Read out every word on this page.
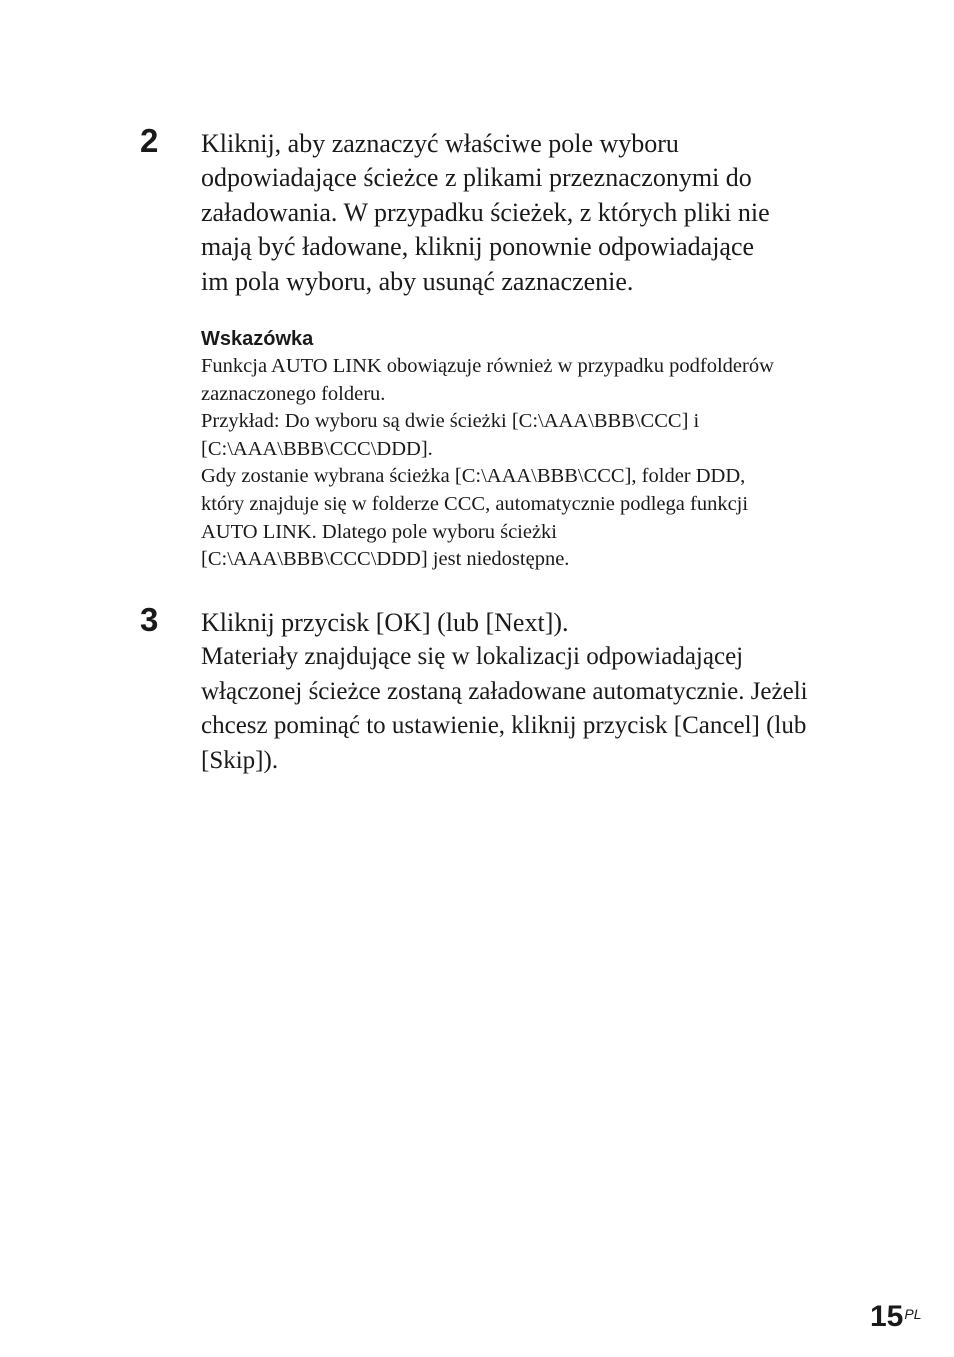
2 Kliknij, aby zaznaczyć właściwe pole wyboru

odpowiadające ścieżce z plikami przeznaczonymi do

załadowania. W przypadku ścieżek, z których pliki nie

mają być ładowane, kliknij ponownie odpowiadające

im pola wyboru, aby usunąć zaznaczenie.

Wskazówka

Funkcja AUTO LINK obowiązuje również w przypadku podfolderów

zaznaczonego folderu.

Przykład: Do wyboru są dwie ścieżki [C:\AAA\BBB\CCC] i

[C:\AAA\BBB\CCC\DDD].

Gdy zostanie wybrana ścieżka [C:\AAA\BBB\CCC], folder DDD,

który znajduje się w folderze CCC, automatycznie podlega funkcji

AUTO LINK. Dlatego pole wyboru ścieżki

[C:\AAA\BBB\CCC\DDD] jest niedostępne.

3 Kliknij przycisk [OK] (lub [Next]).

Materiały znajdujące się w lokalizacji odpowiadającej

włączonej ścieżce zostaną załadowane automatycznie. Jeżeli

chcesz pominąć to ustawienie, kliknij przycisk [Cancel] (lub

[Skip]).

15PL
